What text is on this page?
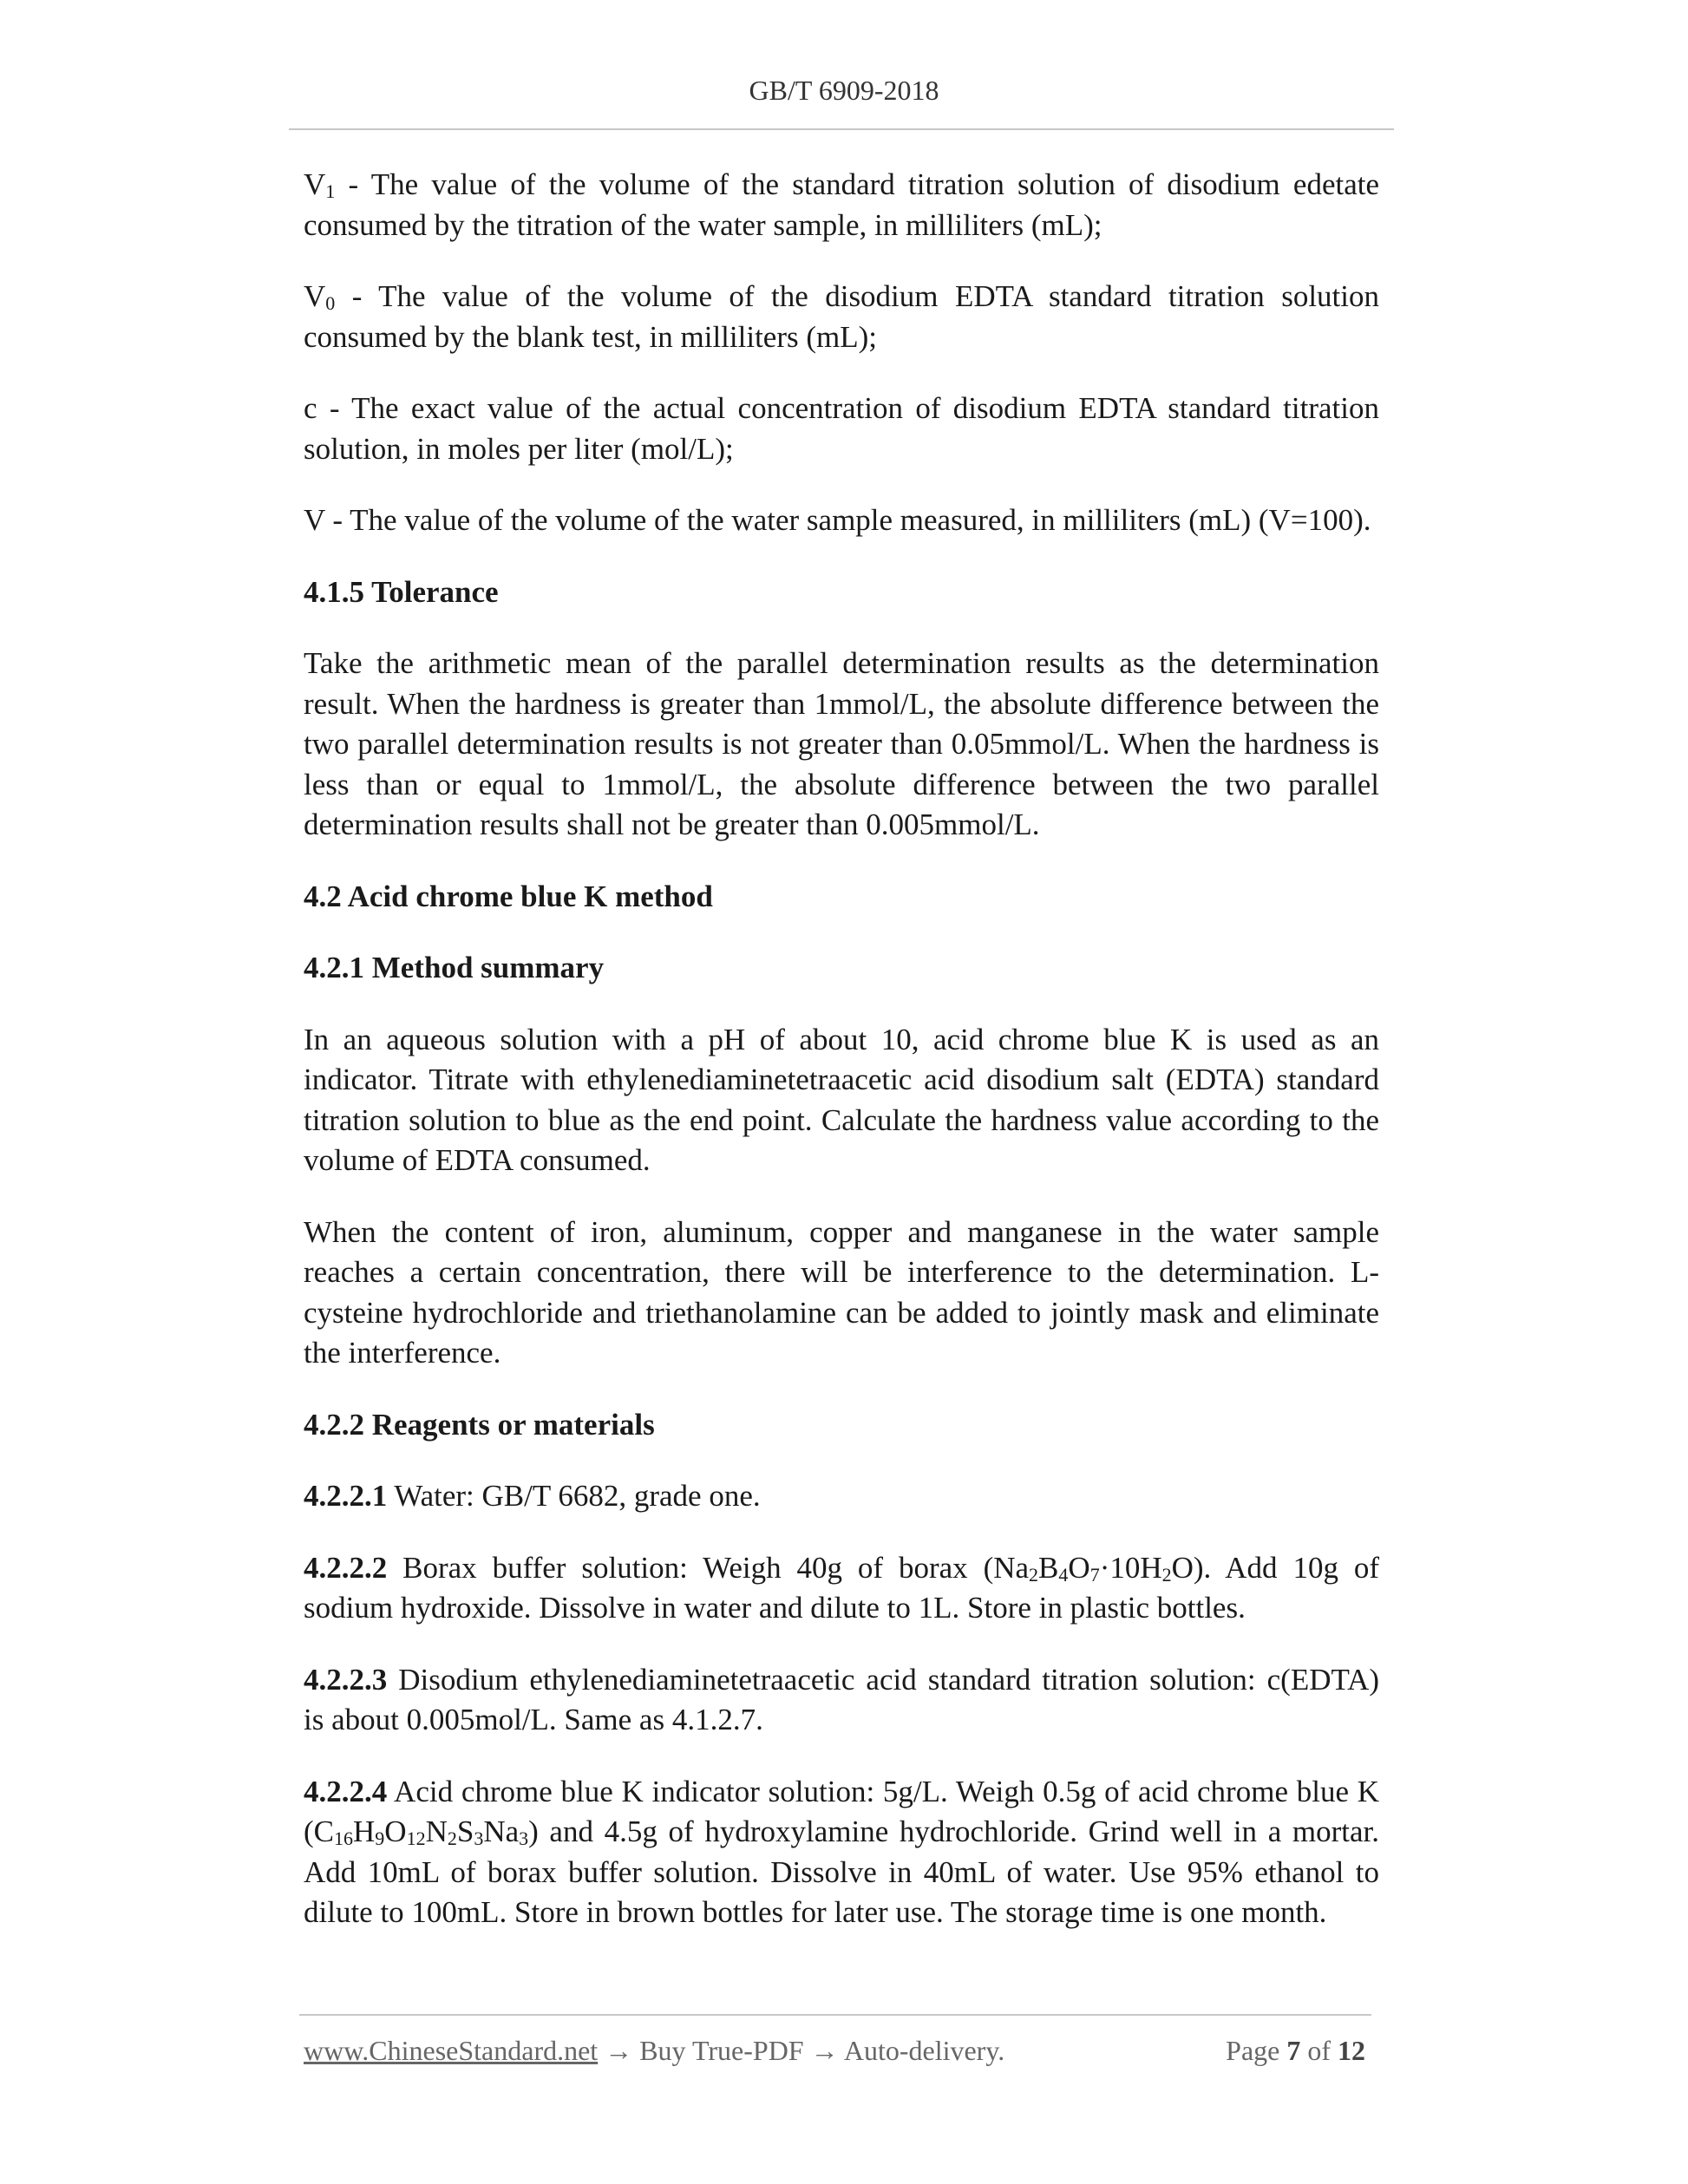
GB/T 6909-2018

$V_1$ - The value of the volume of the standard titration solution of disodium edetate consumed by the titration of the water sample, in milliliters (mL);

$V_0$ - The value of the volume of the disodium EDTA standard titration solution consumed by the blank test, in milliliters (mL);

c - The exact value of the actual concentration of disodium EDTA standard titration solution, in moles per liter (mol/L);

V - The value of the volume of the water sample measured, in milliliters (mL) (V=100).

4.1.5 Tolerance

Take the arithmetic mean of the parallel determination results as the determination result. When the hardness is greater than 1mmol/L, the absolute difference between the two parallel determination results is not greater than 0.05mmol/L. When the hardness is less than or equal to 1mmol/L, the absolute difference between the two parallel determination results shall not be greater than 0.005mmol/L.

4.2 Acid chrome blue K method
4.2.1 Method summary

In an aqueous solution with a pH of about 10, acid chrome blue K is used as an indicator. Titrate with ethylenediaminetetraacetic acid disodium salt (EDTA) standard titration solution to blue as the end point. Calculate the hardness value according to the volume of EDTA consumed.

When the content of iron, aluminum, copper and manganese in the water sample reaches a certain concentration, there will be interference to the determination. L-cysteine hydrochloride and triethanolamine can be added to jointly mask and eliminate the interference.

4.2.2 Reagents or materials

4.2.2.1 Water: GB/T 6682, grade one.

4.2.2.2 Borax buffer solution: Weigh 40g of borax $(Na_2B_4O_7\cdot 10H_2O)$. Add 10g of sodium hydroxide. Dissolve in water and dilute to 1L. Store in plastic bottles.

4.2.2.3 Disodium ethylenediaminetetraacetic acid standard titration solution: c(EDTA) is about 0.005mol/L. Same as 4.1.2.7.

4.2.2.4 Acid chrome blue K indicator solution: 5g/L. Weigh 0.5g of acid chrome blue K $(C_{16}H_9O_{12}N_2S_3Na_3)$ and 4.5g of hydroxylamine hydrochloride. Grind well in a mortar. Add 10mL of borax buffer solution. Dissolve in 40mL of water. Use 95% ethanol to dilute to 100mL. Store in brown bottles for later use. The storage time is one month.

www.ChineseStandard.net → Buy True-PDF → Auto-delivery.	Page 7 of 12
